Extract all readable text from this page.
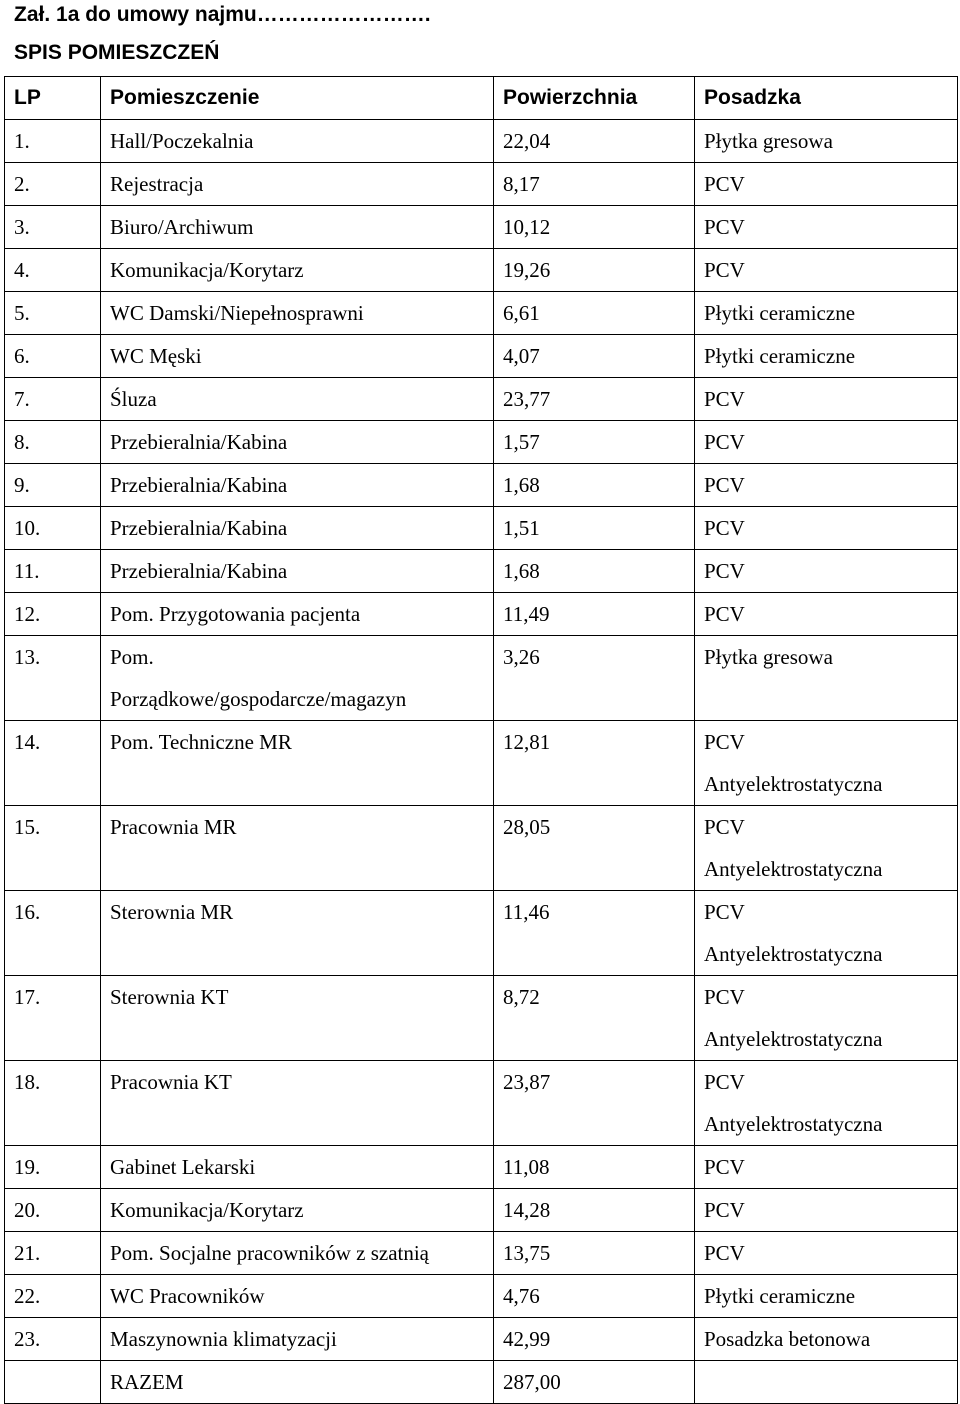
Zał. 1a do umowy najmu…………………….
SPIS POMIESZCZEŃ
LP	Pomieszczenie	Powierzchnia	Posadzka
1.	Hall/Poczekalnia	22,04	Płytka gresowa

2.	Rejestracja	8,17	PCV

3.	Biuro/Archiwum	10,12	PCV

4.	Komunikacja/Korytarz	19,26	PCV

5.	WC Damski/Niepełnosprawni	6,61	Płytki ceramiczne

6.	WC Męski	4,07	Płytki ceramiczne

7.	Śluza	23,77	PCV

8.	Przebieralnia/Kabina	1,57	PCV

9.	Przebieralnia/Kabina	1,68	PCV

10.	Przebieralnia/Kabina	1,51	PCV

11.	Przebieralnia/Kabina	1,68	PCV

12.	Pom. Przygotowania pacjenta	11,49	PCV

13.	Pom.
Porządkowe/gospodarcze/magazyn	3,26	Płytka gresowa

14.	Pom. Techniczne MR	12,81	PCV
Antyelektrostatyczna

15.	Pracownia MR	28,05	PCV
Antyelektrostatyczna

16.	Sterownia MR	11,46	PCV
Antyelektrostatyczna

17.	Sterownia KT	8,72	PCV
Antyelektrostatyczna

18.	Pracownia KT	23,87	PCV
Antyelektrostatyczna

19.	Gabinet Lekarski	11,08	PCV

20.	Komunikacja/Korytarz	14,28	PCV

21.	Pom. Socjalne pracowników z szatnią	13,75	PCV

22.	WC Pracowników	4,76	Płytki ceramiczne

23.	Maszynownia klimatyzacji	42,99	Posadzka betonowa

	RAZEM	287,00	
